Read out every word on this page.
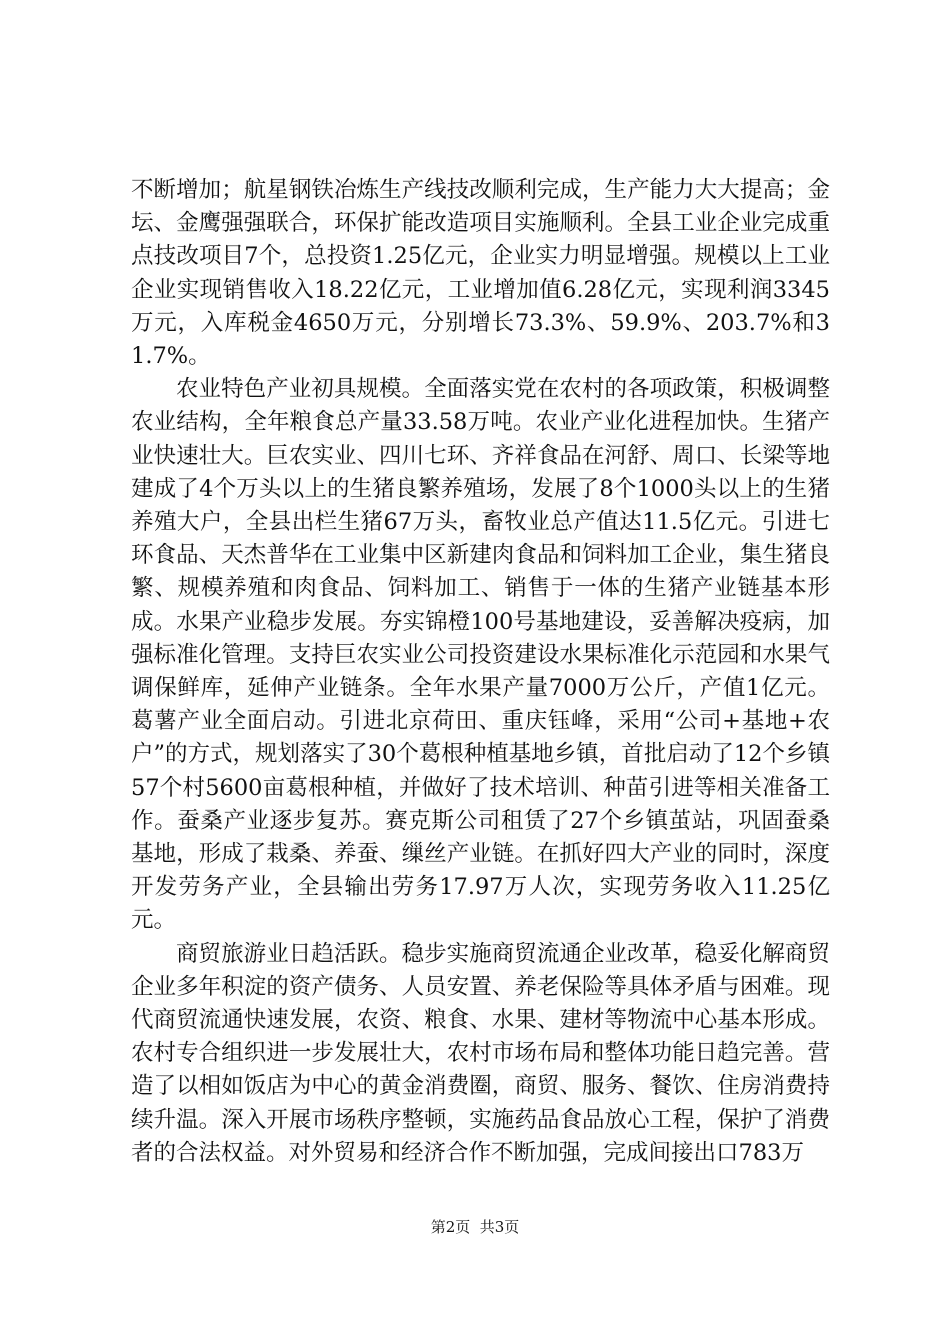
不断增加；航星钢铁冶炼生产线技改顺利完成，生产能力大大提高；金坛、金鹰强强联合，环保扩能改造项目实施顺利。全县工业企业完成重点技改项目7个，总投资1.25亿元，企业实力明显增强。规模以上工业企业实现销售收入18.22亿元，工业增加值6.28亿元，实现利润3345万元，入库税金4650万元，分别增长73.3%、59.9%、203.7%和31.7%。

农业特色产业初具规模。全面落实党在农村的各项政策，积极调整农业结构，全年粮食总产量33.58万吨。农业产业化进程加快。生猪产业快速壮大。巨农实业、四川七环、齐祥食品在河舒、周口、长梁等地建成了4个万头以上的生猪良繁养殖场，发展了8个1000头以上的生猪养殖大户，全县出栏生猪67万头，畜牧业总产值达11.5亿元。引进七环食品、天杰普华在工业集中区新建肉食品和饲料加工企业，集生猪良繁、规模养殖和肉食品、饲料加工、销售于一体的生猪产业链基本形成。水果产业稳步发展。夯实锦橙100号基地建设，妥善解决疫病，加强标准化管理。支持巨农实业公司投资建设水果标准化示范园和水果气调保鲜库，延伸产业链条。全年水果产量7000万公斤，产值1亿元。葛薯产业全面启动。引进北京荷田、重庆钰峰，采用“公司+基地+农户”的方式，规划落实了30个葛根种植基地乡镇，首批启动了12个乡镇57个村5600亩葛根种植，并做好了技术培训、种苗引进等相关准备工作。蚕桑产业逐步复苏。赛克斯公司租赁了27个乡镇茧站，巩固蚕桑基地，形成了栽桑、养蚕、缫丝产业链。在抓好四大产业的同时，深度开发劳务产业，全县输出劳务17.97万人次，实现劳务收入11.25亿元。

商贸旅游业日趋活跃。稳步实施商贸流通企业改革，稳妥化解商贸企业多年积淀的资产债务、人员安置、养老保险等具体矛盾与困难。现代商贸流通快速发展，农资、粮食、水果、建材等物流中心基本形成。农村专合组织进一步发展壮大，农村市场布局和整体功能日趋完善。营造了以相如饭店为中心的黄金消费圈，商贸、服务、餐饮、住房消费持续升温。深入开展市场秩序整顿，实施药品食品放心工程，保护了消费者的合法权益。对外贸易和经济合作不断加强，完成间接出口783万

第2页  共3页
